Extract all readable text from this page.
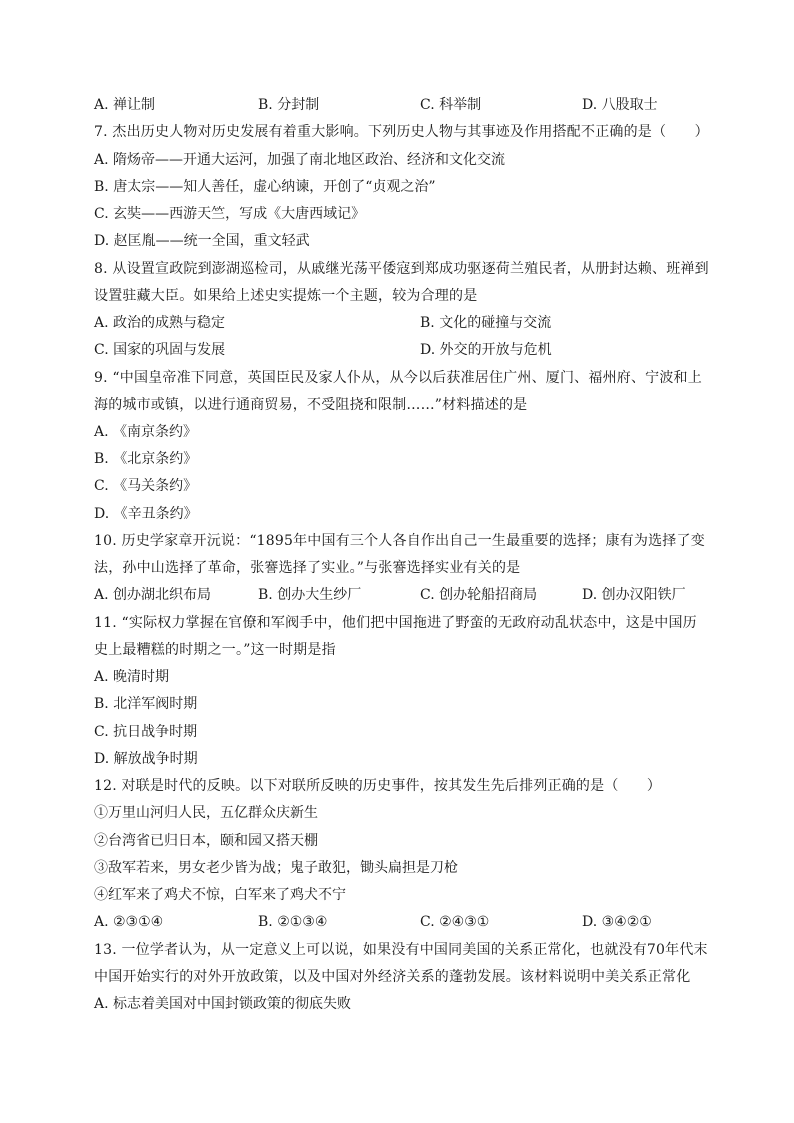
A. 禅让制	B. 分封制	C. 科举制	D. 八股取士
7. 杰出历史人物对历史发展有着重大影响。下列历史人物与其事迹及作用搭配不正确的是（　　）
A. 隋炀帝——开通大运河，加强了南北地区政治、经济和文化交流
B. 唐太宗——知人善任，虚心纳谏，开创了“贞观之治”
C. 玄奘——西游天竺，写成《大唐西域记》
D. 赵匡胤——统一全国，重文轻武
8. 从设置宣政院到澎湖巡检司，从戚继光荡平倭寇到郑成功驱逐荷兰殖民者，从册封达赖、班禅到
设置驻藏大臣。如果给上述史实提炼一个主题，较为合理的是
A. 政治的成熟与稳定	B. 文化的碰撞与交流
C. 国家的巩固与发展	D. 外交的开放与危机
9. “中国皇帝准下同意，英国臣民及家人仆从，从今以后获准居住广州、厦门、福州府、宁波和上
海的城市或镇，以进行通商贸易，不受阻挠和限制……”材料描述的是
A. 《南京条约》
B. 《北京条约》
C. 《马关条约》
D. 《辛丑条约》
10. 历史学家章开沅说：“1895年中国有三个人各自作出自己一生最重要的选择；康有为选择了变
法，孙中山选择了革命，张謇选择了实业。”与张謇选择实业有关的是
A. 创办湖北织布局	B. 创办大生纱厂	C. 创办轮船招商局	D. 创办汉阳铁厂
11. “实际权力掌握在官僚和军阀手中，他们把中国拖进了野蛮的无政府动乱状态中，这是中国历
史上最糟糕的时期之一。”这一时期是指
A. 晚清时期
B. 北洋军阀时期
C. 抗日战争时期
D. 解放战争时期
12. 对联是时代的反映。以下对联所反映的历史事件，按其发生先后排列正确的是（　　）
①万里山河归人民，五亿群众庆新生
②台湾省已归日本，颐和园又搭天棚
③敌军若来，男女老少皆为战；鬼子敢犯，锄头扁担是刀枪
④红军来了鸡犬不惊，白军来了鸡犬不宁
A. ②③①④	B. ②①③④	C. ②④③①	D. ③④②①
13. 一位学者认为，从一定意义上可以说，如果没有中国同美国的关系正常化，也就没有70年代末
中国开始实行的对外开放政策，以及中国对外经济关系的蓬勃发展。该材料说明中美关系正常化
A. 标志着美国对中国封锁政策的彻底失败
